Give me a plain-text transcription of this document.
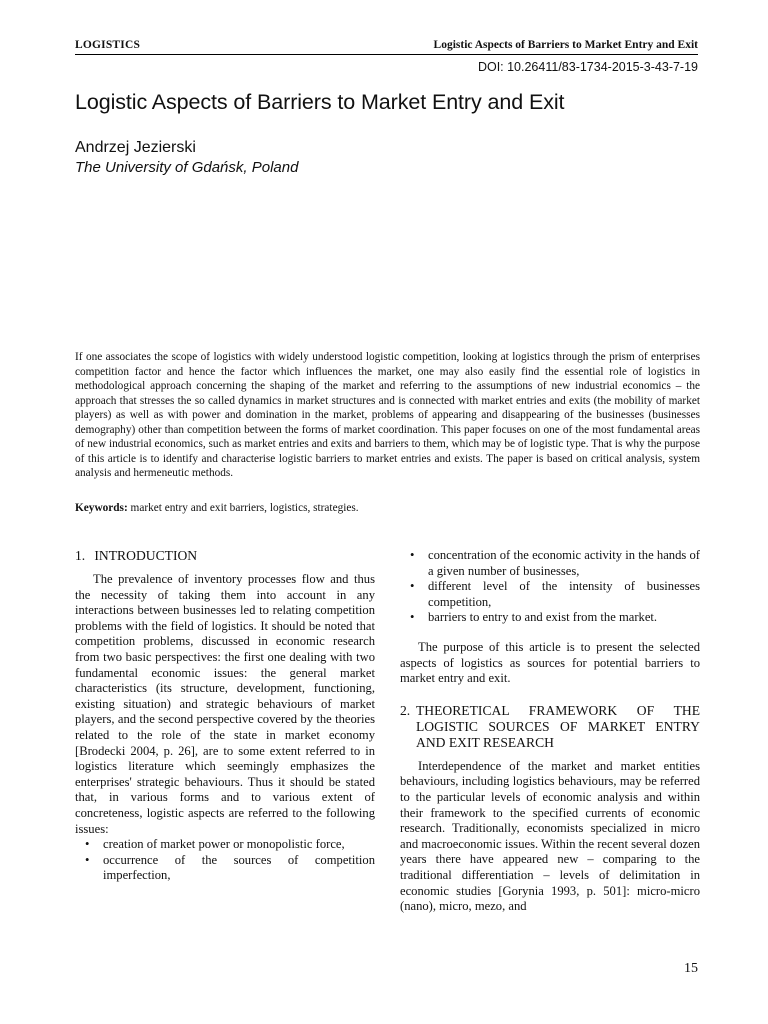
LOGISTICS	Logistic Aspects of Barriers to Market Entry and Exit
DOI: 10.26411/83-1734-2015-3-43-7-19
Logistic Aspects of Barriers to Market Entry and Exit
Andrzej Jezierski
The University of Gdańsk, Poland

If one associates the scope of logistics with widely understood logistic competition, looking at logistics through the prism of enterprises competition factor and hence the factor which influences the market, one may also easily find the essential role of logistics in methodological approach concerning the shaping of the market and referring to the assumptions of new industrial economics – the approach that stresses the so called dynamics in market structures and is connected with market entries and exits (the mobility of market players) as well as with power and domination in the market, problems of appearing and disappearing of the businesses (businesses demography) other than competition between the forms of market coordination. This paper focuses on one of the most fundamental areas of new industrial economics, such as market entries and exits and barriers to them, which may be of logistic type. That is why the purpose of this article is to identify and characterise logistic barriers to market entries and exists. The paper is based on critical analysis, system analysis and hermeneutic methods.

Keywords: market entry and exit barriers, logistics, strategies.
1. INTRODUCTION

The prevalence of inventory processes flow and thus the necessity of taking them into account in any interactions between businesses led to relating competition problems with the field of logistics. It should be noted that competition problems, discussed in economic research from two basic perspectives: the first one dealing with two fundamental economic issues: the general market characteristics (its structure, development, functioning, existing situation) and strategic behaviours of market players, and the second perspective covered by the theories related to the role of the state in market economy [Brodecki 2004, p. 26], are to some extent referred to in logistics literature which seemingly emphasizes the enterprises' strategic behaviours. Thus it should be stated that, in various forms and to various extent of concreteness, logistic aspects are referred to the following issues:

• creation of market power or monopolistic force,
• occurrence of the sources of competition imperfection,
• concentration of the economic activity in the hands of a given number of businesses,
• different level of the intensity of businesses competition,
• barriers to entry to and exist from the market.

The purpose of this article is to present the selected aspects of logistics as sources for potential barriers to market entry and exit.

2. THEORETICAL FRAMEWORK OF THE LOGISTIC SOURCES OF MARKET ENTRY AND EXIT RESEARCH

Interdependence of the market and market entities behaviours, including logistics behaviours, may be referred to the particular levels of economic analysis and within their framework to the specified currents of economic research. Traditionally, economists specialized in micro and macroeconomic issues. Within the recent several dozen years there have appeared new – comparing to the traditional differentiation – levels of delimitation in economic studies [Gorynia 1993, p. 501]: micro-micro (nano), micro, mezo, and

15
